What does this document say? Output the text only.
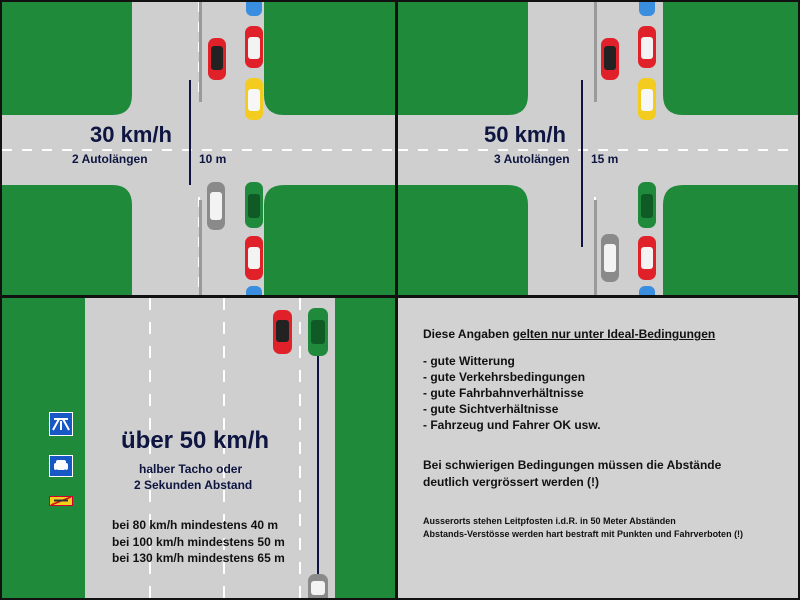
30 km/h
2 Autolängen	10 m
50 km/h
3 Autolängen 15 m
über 50 km/h
halber Tacho oder
2 Sekunden Abstand
bei 80 km/h mindestens 40 m
bei 100 km/h mindestens 50 m
bei 130 km/h mindestens 65 m
Diese Angaben gelten nur unter Ideal-Bedingungen
- gute Witterung
- gute Verkehrsbedingungen
- gute Fahrbahnverhältnisse
- gute Sichtverhältnisse
- Fahrzeug und Fahrer OK usw.
Bei schwierigen Bedingungen müssen die Abstände
deutlich vergrössert werden (!)
Ausserorts stehen Leitpfosten i.d.R. in 50 Meter Abständen
Abstands-Verstösse werden hart bestraft mit Punkten und Fahrverboten (!)
